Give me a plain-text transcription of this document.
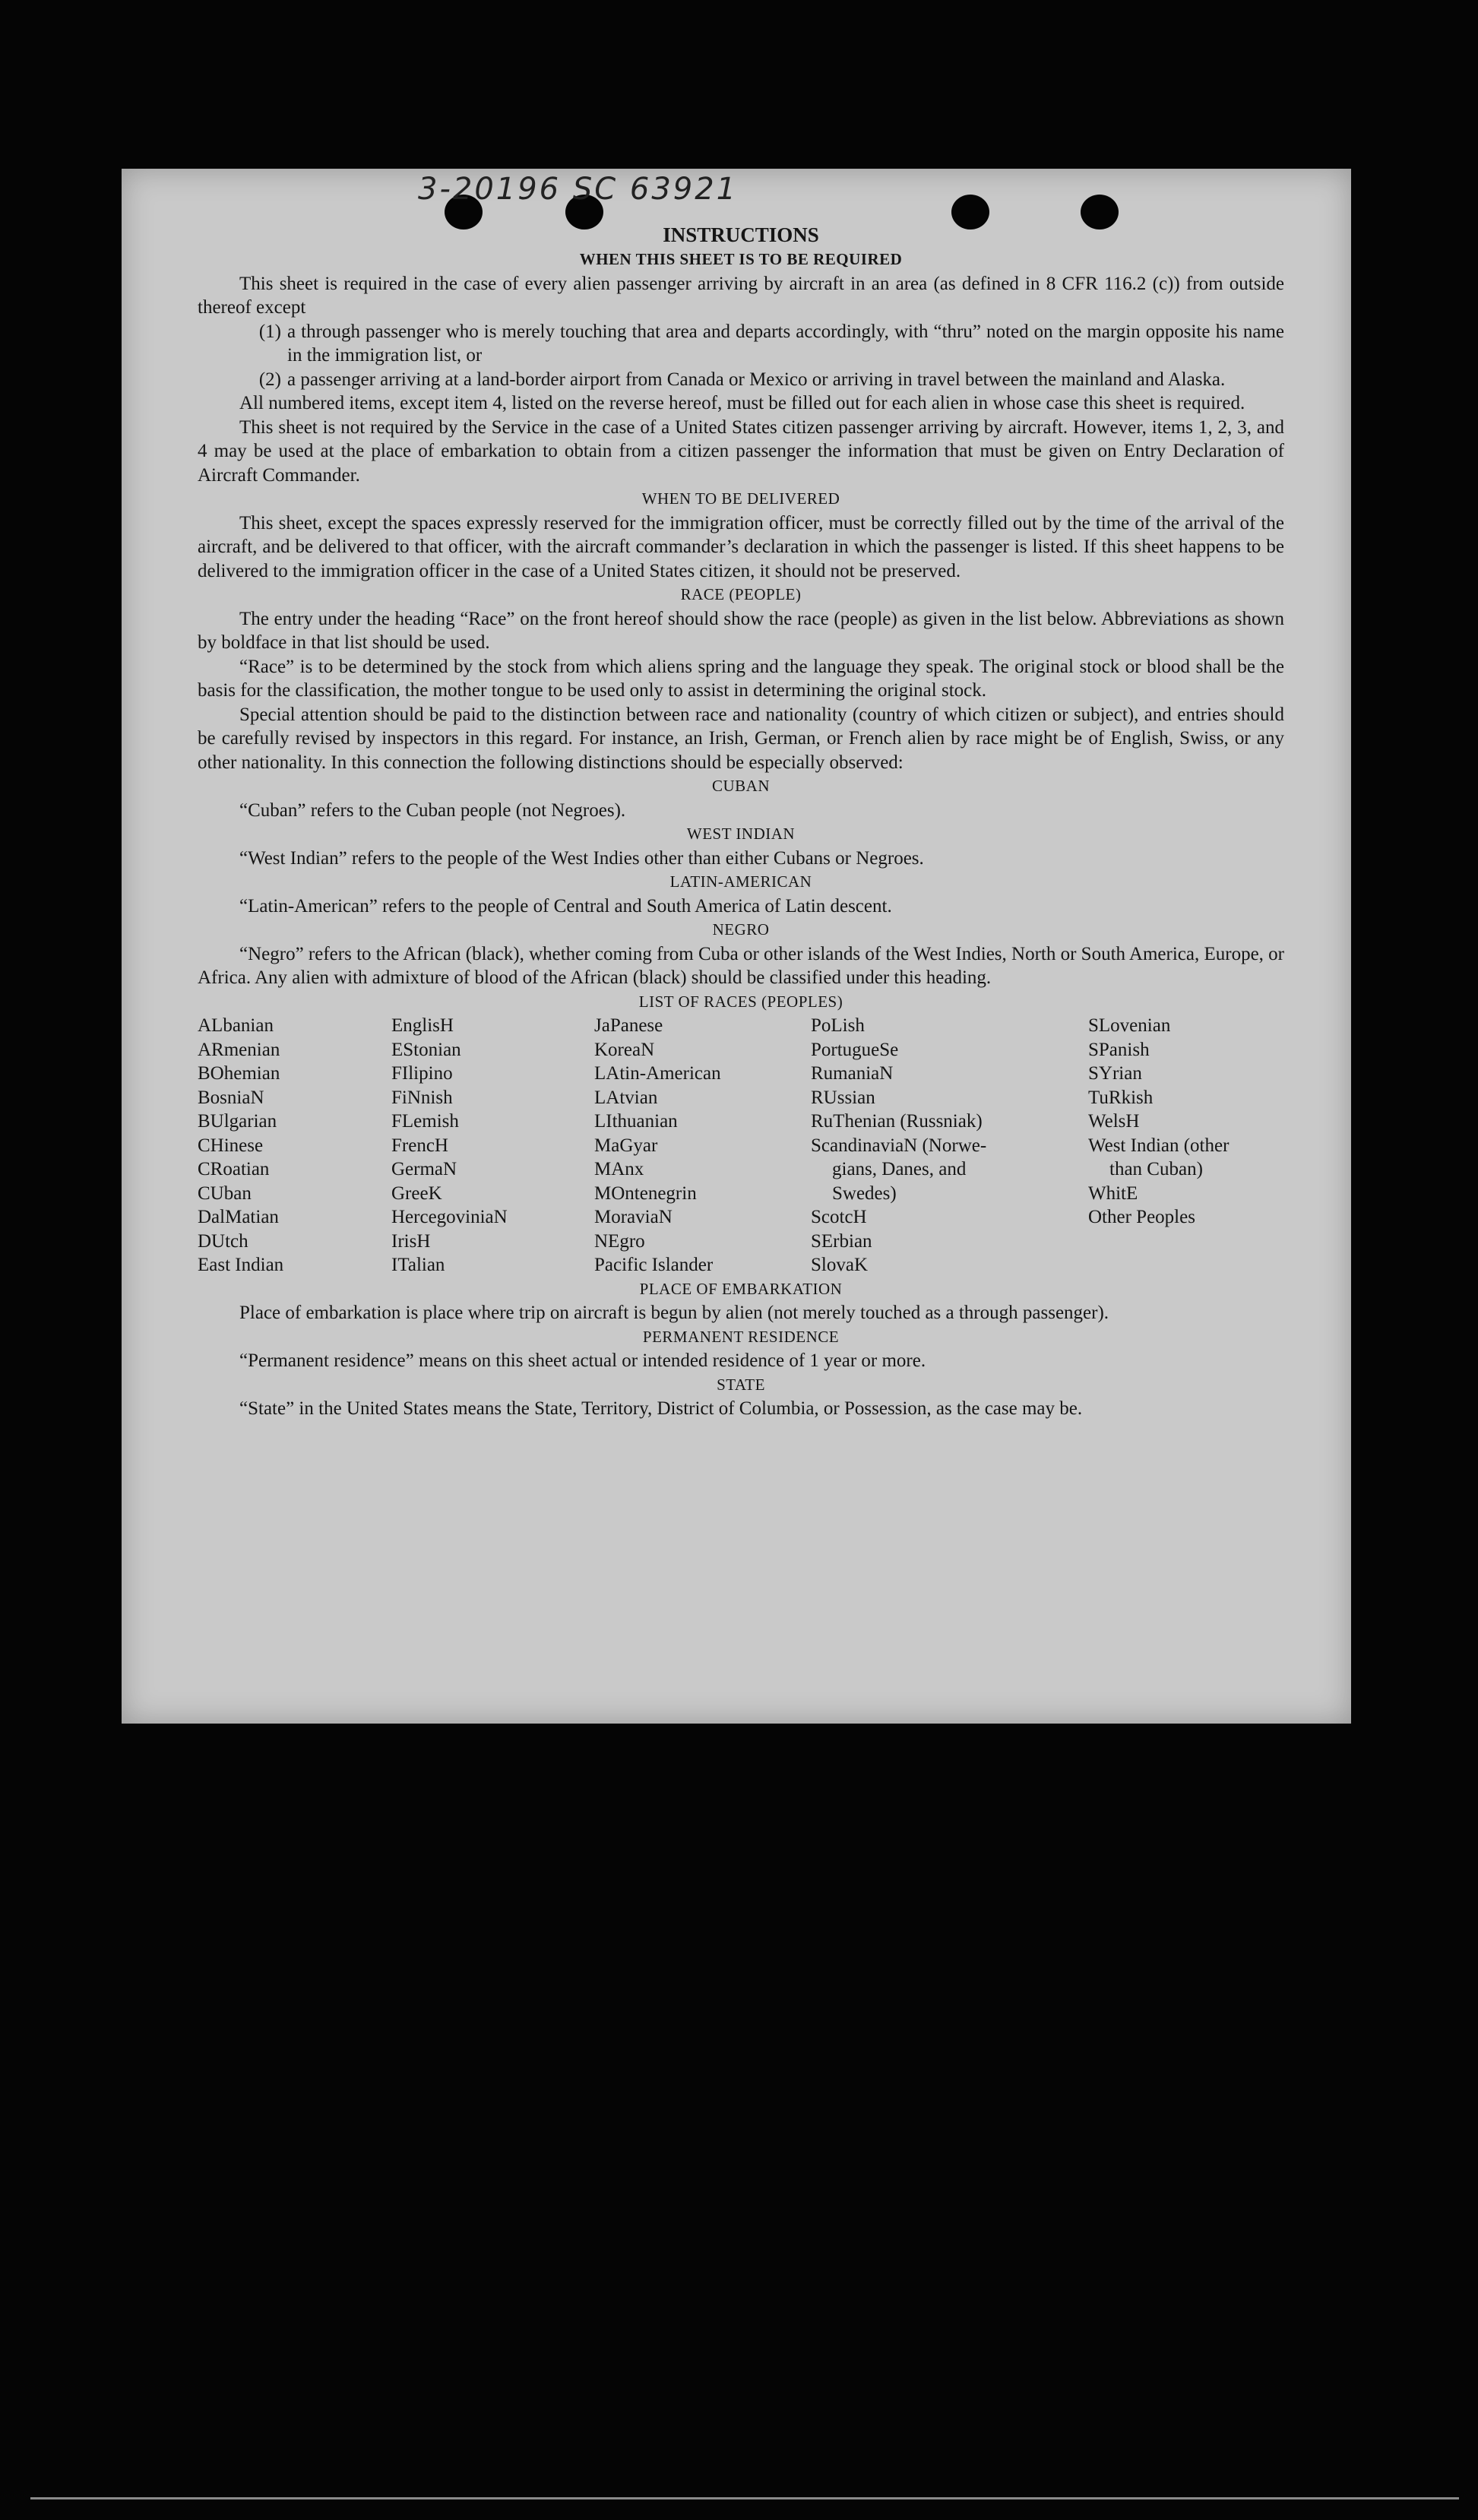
3-20196 SC 63921

INSTRUCTIONS

WHEN THIS SHEET IS TO BE REQUIRED

This sheet is required in the case of every alien passenger arriving by aircraft in an area (as defined in 8 CFR 116.2 (c)) from outside thereof except

(1) a through passenger who is merely touching that area and departs accordingly, with “thru” noted on the margin opposite his name in the immigration list, or
(2) a passenger arriving at a land-border airport from Canada or Mexico or arriving in travel between the mainland and Alaska.

All numbered items, except item 4, listed on the reverse hereof, must be filled out for each alien in whose case this sheet is required.

This sheet is not required by the Service in the case of a United States citizen passenger arriving by aircraft. However, items 1, 2, 3, and 4 may be used at the place of embarkation to obtain from a citizen passenger the information that must be given on Entry Declaration of Aircraft Commander.

WHEN TO BE DELIVERED

This sheet, except the spaces expressly reserved for the immigration officer, must be correctly filled out by the time of the arrival of the aircraft, and be delivered to that officer, with the aircraft commander’s declaration in which the passenger is listed. If this sheet happens to be delivered to the immigration officer in the case of a United States citizen, it should not be preserved.

RACE (PEOPLE)

The entry under the heading “Race” on the front hereof should show the race (people) as given in the list below. Abbreviations as shown by boldface in that list should be used.

“Race” is to be determined by the stock from which aliens spring and the language they speak. The original stock or blood shall be the basis for the classification, the mother tongue to be used only to assist in determining the original stock.

Special attention should be paid to the distinction between race and nationality (country of which citizen or subject), and entries should be carefully revised by inspectors in this regard. For instance, an Irish, German, or French alien by race might be of English, Swiss, or any other nationality. In this connection the following distinctions should be especially observed:

CUBAN

“Cuban” refers to the Cuban people (not Negroes).

WEST INDIAN

“West Indian” refers to the people of the West Indies other than either Cubans or Negroes.

LATIN-AMERICAN

“Latin-American” refers to the people of Central and South America of Latin descent.

NEGRO

“Negro” refers to the African (black), whether coming from Cuba or other islands of the West Indies, North or South America, Europe, or Africa. Any alien with admixture of blood of the African (black) should be classified under this heading.

LIST OF RACES (PEOPLES)

ALbanian
ARmenian
BOhemian
BosniaN
BUlgarian
CHinese
CRoatian
CUban
DalMatian
DUtch
East Indian
EnglisH
EStonian
FIlipino
FiNnish
FLemish
FrencH
GermaN
GreeK
HercegoviniaN
IrisH
ITalian
JaPanese
KoreaN
LAtin-American
LAtvian
LIthuanian
MaGyar
MAnx
MOntenegrin
MoraviaN
NEgro
Pacific Islander
PoLish
PortugueSe
RumaniaN
RUssian
RuThenian (Russniak)
ScandinaviaN (Norwe-
gians, Danes, and
Swedes)
ScotcH
SErbian
SlovaK
SLovenian
SPanish
SYrian
TuRkish
WelsH
West Indian (other
than Cuban)
WhitE
Other Peoples

PLACE OF EMBARKATION

Place of embarkation is place where trip on aircraft is begun by alien (not merely touched as a through passenger).

PERMANENT RESIDENCE

“Permanent residence” means on this sheet actual or intended residence of 1 year or more.

STATE

“State” in the United States means the State, Territory, District of Columbia, or Possession, as the case may be.
